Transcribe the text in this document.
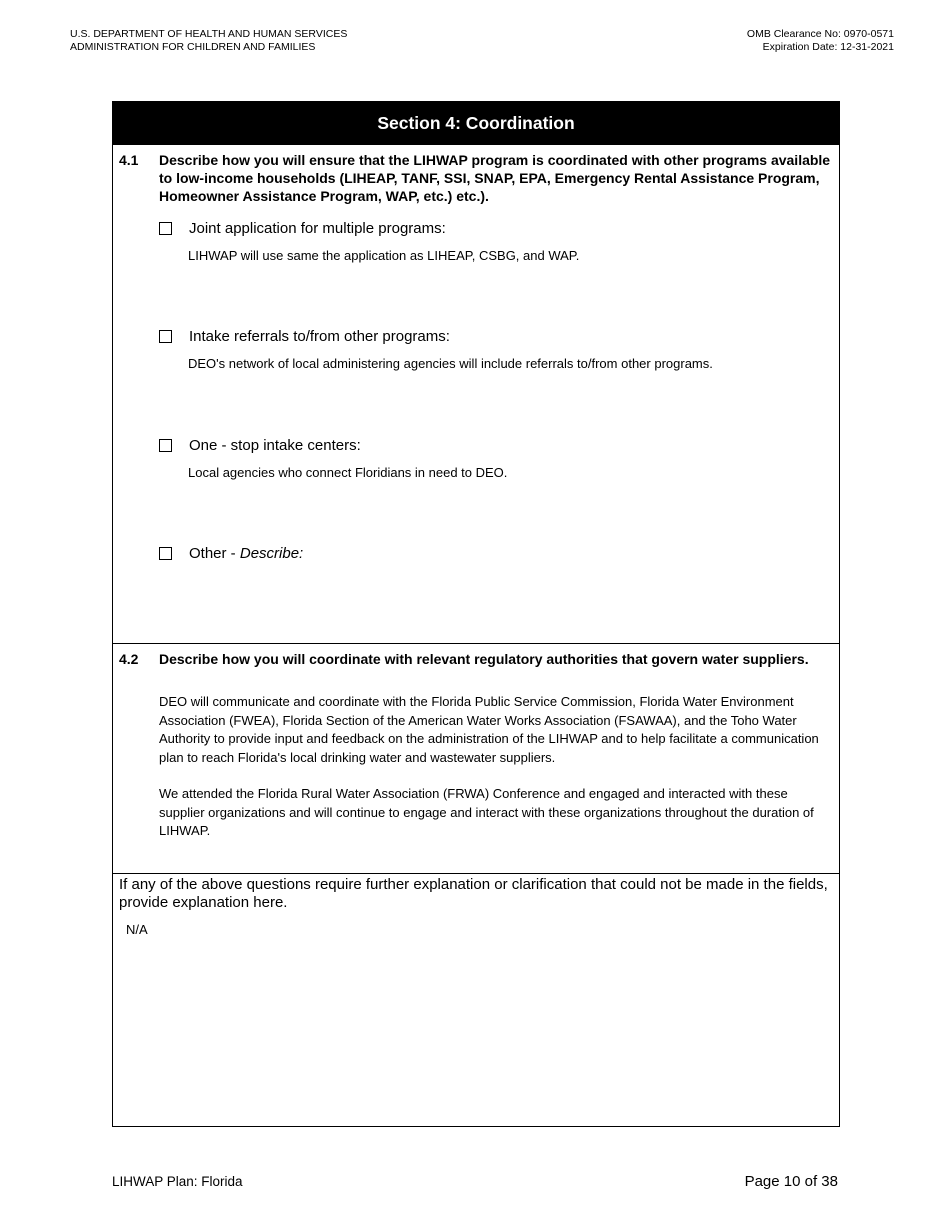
U.S. DEPARTMENT OF HEALTH AND HUMAN SERVICES
ADMINISTRATION FOR CHILDREN AND FAMILIES
OMB Clearance No: 0970-0571
Expiration Date: 12-31-2021
Section 4: Coordination
4.1 Describe how you will ensure that the LIHWAP program is coordinated with other programs available to low-income households (LIHEAP, TANF, SSI, SNAP, EPA, Emergency Rental Assistance Program, Homeowner Assistance Program, WAP, etc.) etc.).
Joint application for multiple programs:
LIHWAP will use same the application as LIHEAP, CSBG, and WAP.
Intake referrals to/from other programs:
DEO's network of local administering agencies will include referrals to/from other programs.
One - stop intake centers:
Local agencies who connect Floridians in need to DEO.
Other - Describe:
4.2 Describe how you will coordinate with relevant regulatory authorities that govern water suppliers.
DEO will communicate and coordinate with the Florida Public Service Commission, Florida Water Environment Association (FWEA), Florida Section of the American Water Works Association (FSAWAA), and the Toho Water Authority to provide input and feedback on the administration of the LIHWAP and to help facilitate a communication plan to reach Florida's local drinking water and wastewater suppliers.
We attended the Florida Rural Water Association (FRWA) Conference and engaged and interacted with these supplier organizations and will continue to engage and interact with these organizations throughout the duration of LIHWAP.
If any of the above questions require further explanation or clarification that could not be made in the fields, provide explanation here.
N/A
LIHWAP Plan: Florida	Page 10 of 38
